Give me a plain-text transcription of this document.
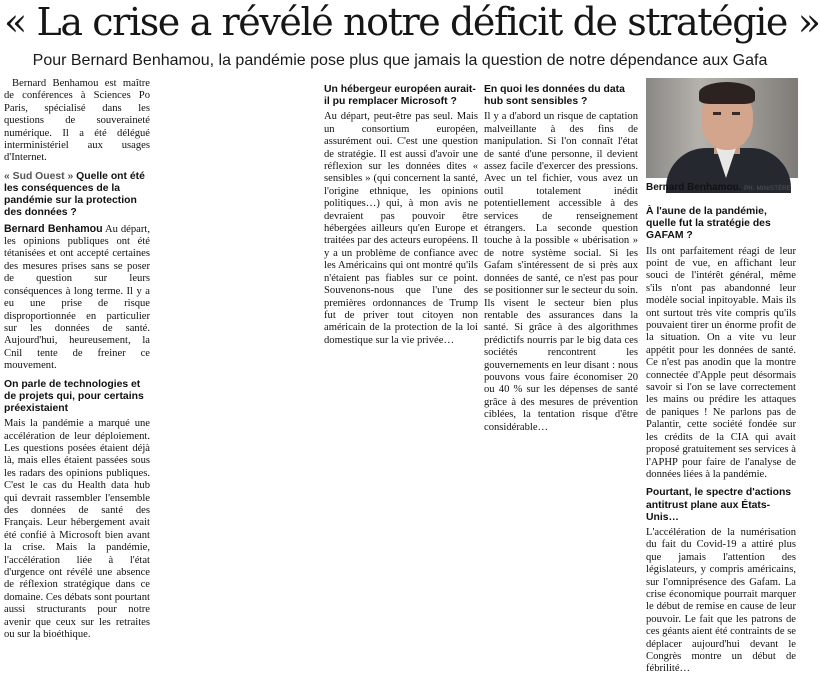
« La crise a révélé notre déficit de stratégie »

Pour Bernard Benhamou, la pandémie pose plus que jamais la question de notre dépendance aux Gafa

Bernard Benhamou est maître de conférences à Sciences Po Paris, spécialisé dans les questions de souveraineté numérique. Il a été délégué interministériel aux usages d'Internet.

« Sud Ouest » Quelle ont été les conséquences de la pandémie sur la protection des données ?

Bernard Benhamou Au départ, les opinions publiques ont été tétanisées et ont accepté certaines des mesures prises sans se poser de question sur leurs conséquences à long terme. Il y a eu une prise de risque disproportionnée en particulier sur les données de santé. Aujourd'hui, heureusement, la Cnil tente de freiner ce mouvement.

On parle de technologies et de projets qui, pour certains préexistaient

Mais la pandémie a marqué une accélération de leur déploiement. Les questions posées étaient déjà là, mais elles étaient passées sous les radars des opinions publiques. C'est le cas du Health data hub qui devrait rassembler l'ensemble des données de santé des Français. Leur hébergement avait été confié à Microsoft bien avant la crise. Mais la pandémie, l'accélération liée à l'état d'urgence ont révélé une absence de réflexion stratégique dans ce domaine. Ces débats sont pourtant aussi structurants pour notre avenir que ceux sur les retraites ou sur la bioéthique.

Un hébergeur européen aurait-il pu remplacer Microsoft ?

Au départ, peut-être pas seul. Mais un consortium européen, assurément oui. C'est une question de stratégie. Il est aussi d'avoir une réflexion sur les données dites « sensibles » (qui concernent la santé, l'origine ethnique, les opinions politiques…) qui, à mon avis ne devraient pas pouvoir être hébergées ailleurs qu'en Europe et traitées par des acteurs européens. Il y a un problème de confiance avec les Américains qui ont montré qu'ils n'étaient pas fiables sur ce point. Souvenons-nous que l'une des premières ordonnances de Trump fut de priver tout citoyen non américain de la protection de la loi domestique sur la vie privée…

En quoi les données du data hub sont sensibles ?

Il y a d'abord un risque de captation malveillante à des fins de manipulation. Si l'on connaît l'état de santé d'une personne, il devient assez facile d'exercer des pressions. Avec un tel fichier, vous avez un outil totalement inédit potentiellement accessible à des services de renseignement étrangers. La seconde question touche à la possible « ubérisation » de notre système social. Si les Gafam s'intéressent de si près aux données de santé, ce n'est pas pour se positionner sur le secteur du soin. Ils visent le secteur bien plus rentable des assurances dans la santé. Si grâce à des algorithmes prédictifs nourris par le big data ces sociétés rencontrent les gouvernements en leur disant : nous pouvons vous faire économiser 20 ou 40 % sur les dépenses de santé grâce à des mesures de prévention ciblées, la tentation risque d'être considérable…

Bernard Benhamou. PH. MINISTÈRE
À l'aune de la pandémie, quelle fut la stratégie des GAFAM ?

Ils ont parfaitement réagi de leur point de vue, en affichant leur souci de l'intérêt général, même s'ils n'ont pas abandonné leur modèle social inpitoyable. Mais ils ont surtout très vite compris qu'ils pouvaient tirer un énorme profit de la situation. On a vite vu leur appétit pour les données de santé. Ce n'est pas anodin que la montre connectée d'Apple peut désormais savoir si l'on se lave correctement les mains ou prédire les attaques de paniques ! Ne parlons pas de Palantir, cette société fondée sur les crédits de la CIA qui avait proposé gratuitement ses services à l'APHP pour faire de l'analyse de données liées à la pandémie.

Pourtant, le spectre d'actions antitrust plane aux États-Unis…

L'accélération de la numérisation du fait du Covid-19 a attiré plus que jamais l'attention des législateurs, y compris américains, sur l'omniprésence des Gafam. La crise économique pourrait marquer le début de remise en cause de leur pouvoir. Le fait que les patrons de ces géants aient été contraints de se déplacer aujourd'hui devant le Congrès montre un début de fébrilité…
